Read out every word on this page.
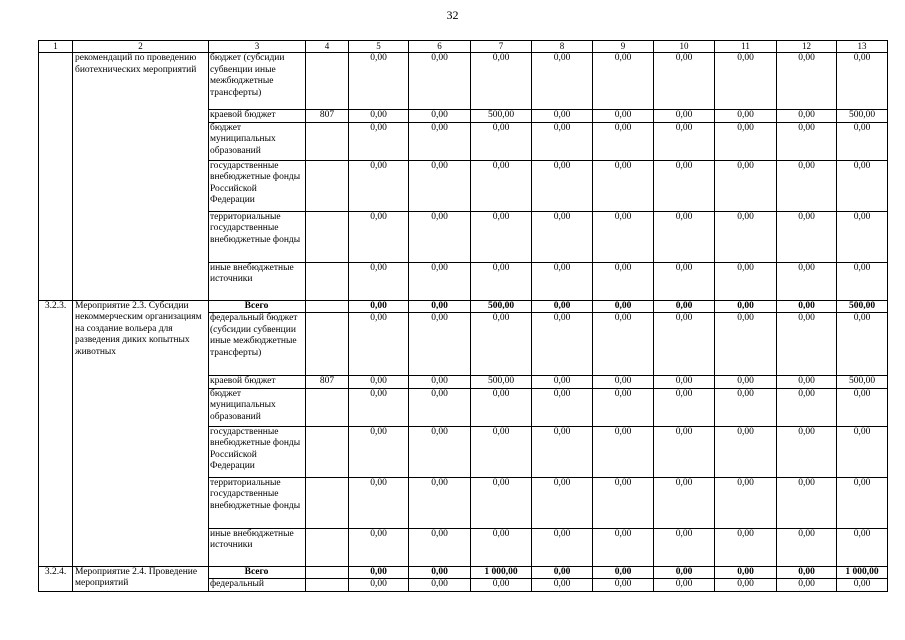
32
1	2	3	4	5	6	7	8	9	10	11	12	13
	рекомендаций по проведению биотехнических мероприятий	бюджет (субсидии субвенции иные межбюджетные трансферты)		0,00	0,00	0,00	0,00	0,00	0,00	0,00	0,00	0,00
		краевой бюджет	807	0,00	0,00	500,00	0,00	0,00	0,00	0,00	0,00	500,00
		бюджет муниципальных образований		0,00	0,00	0,00	0,00	0,00	0,00	0,00	0,00	0,00
		государственные внебюджетные фонды Российской Федерации		0,00	0,00	0,00	0,00	0,00	0,00	0,00	0,00	0,00
		территориальные государственные внебюджетные фонды		0,00	0,00	0,00	0,00	0,00	0,00	0,00	0,00	0,00
		иные внебюджетные источники		0,00	0,00	0,00	0,00	0,00	0,00	0,00	0,00	0,00
3.2.3.	Мероприятие 2.3. Субсидии некоммерческим организациям на создание вольера для разведения диких копытных животных	Всего		0,00	0,00	500,00	0,00	0,00	0,00	0,00	0,00	500,00
		федеральный бюджет (субсидии субвенции иные межбюджетные трансферты)		0,00	0,00	0,00	0,00	0,00	0,00	0,00	0,00	0,00
		краевой бюджет	807	0,00	0,00	500,00	0,00	0,00	0,00	0,00	0,00	500,00
		бюджет муниципальных образований		0,00	0,00	0,00	0,00	0,00	0,00	0,00	0,00	0,00
		государственные внебюджетные фонды Российской Федерации		0,00	0,00	0,00	0,00	0,00	0,00	0,00	0,00	0,00
		территориальные государственные внебюджетные фонды		0,00	0,00	0,00	0,00	0,00	0,00	0,00	0,00	0,00
		иные внебюджетные источники		0,00	0,00	0,00	0,00	0,00	0,00	0,00	0,00	0,00
3.2.4.	Мероприятие 2.4. Проведение мероприятий	Всего		0,00	0,00	1 000,00	0,00	0,00	0,00	0,00	0,00	1 000,00
		федеральный		0,00	0,00	0,00	0,00	0,00	0,00	0,00	0,00	0,00
